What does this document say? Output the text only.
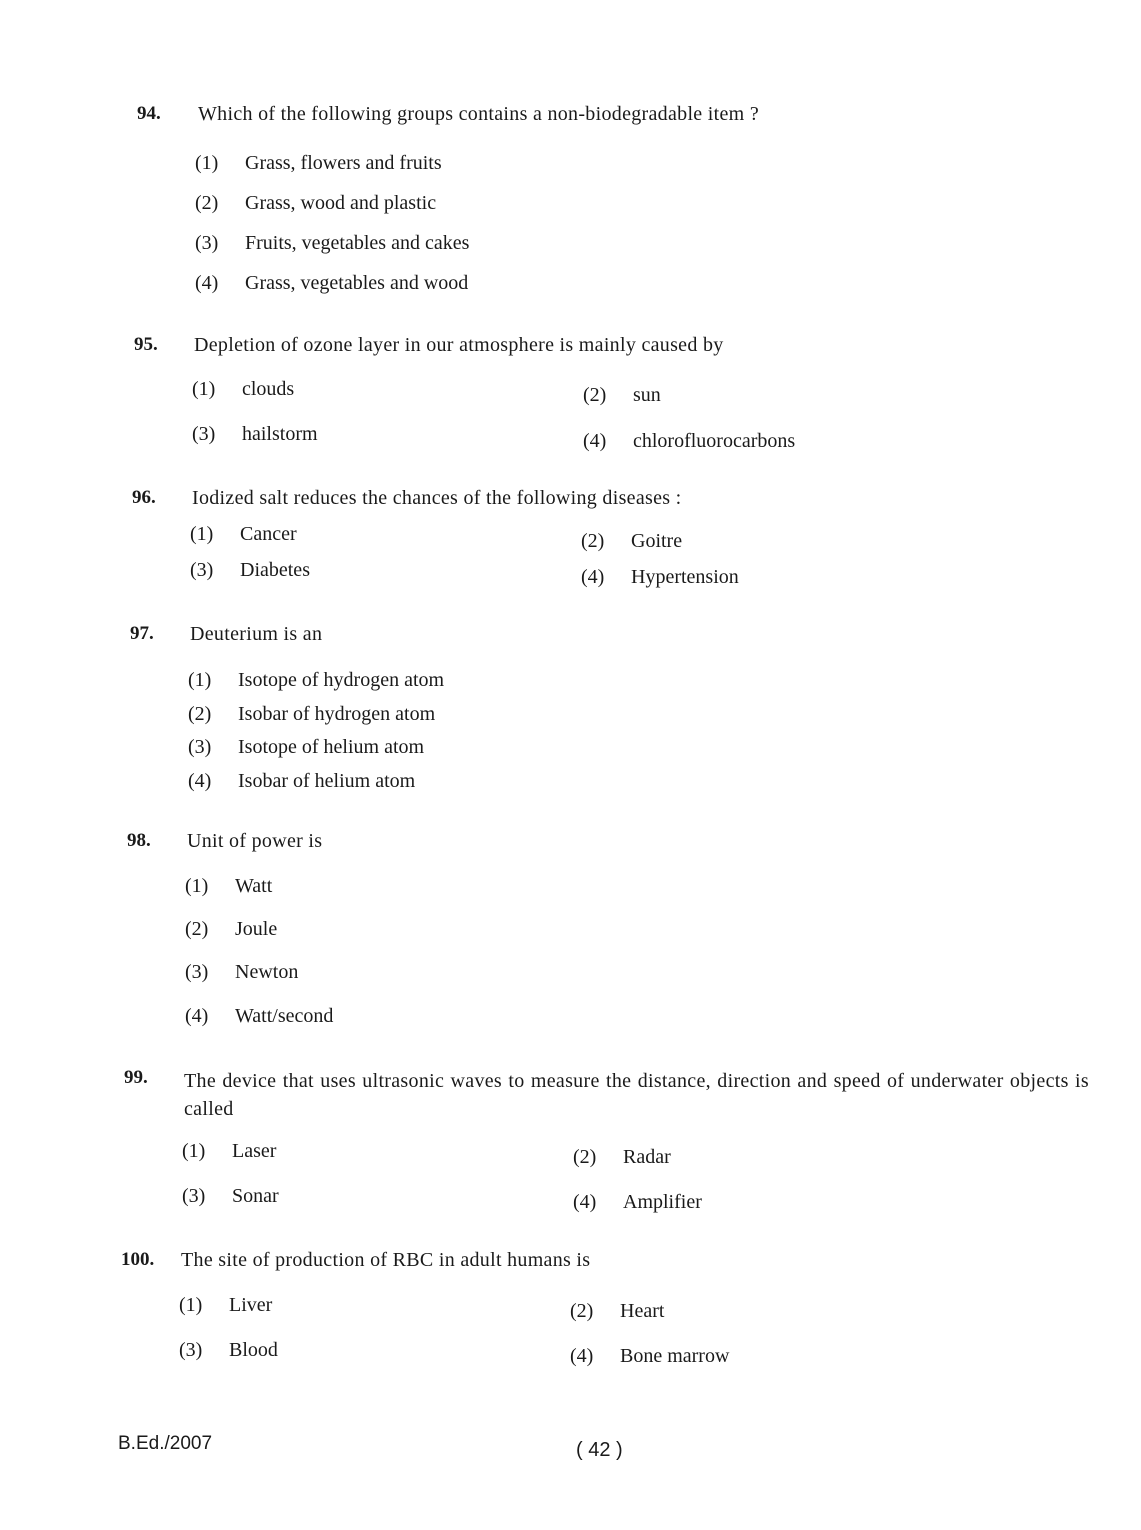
94. Which of the following groups contains a non-biodegradable item ?
(1) Grass, flowers and fruits
(2) Grass, wood and plastic
(3) Fruits, vegetables and cakes
(4) Grass, vegetables and wood
95. Depletion of ozone layer in our atmosphere is mainly caused by
(1) clouds	(2) sun
(3) hailstorm	(4) chlorofluorocarbons
96. Iodized salt reduces the chances of the following diseases :
(1) Cancer	(2) Goitre
(3) Diabetes	(4) Hypertension
97. Deuterium is an
(1) Isotope of hydrogen atom
(2) Isobar of hydrogen atom
(3) Isotope of helium atom
(4) Isobar of helium atom
98. Unit of power is
(1) Watt
(2) Joule
(3) Newton
(4) Watt/second
99. The device that uses ultrasonic waves to measure the distance, direction and speed of underwater objects is called
(1) Laser	(2) Radar
(3) Sonar	(4) Amplifier
100. The site of production of RBC in adult humans is
(1) Liver	(2) Heart
(3) Blood	(4) Bone marrow
B.Ed./2007	( 42 )
